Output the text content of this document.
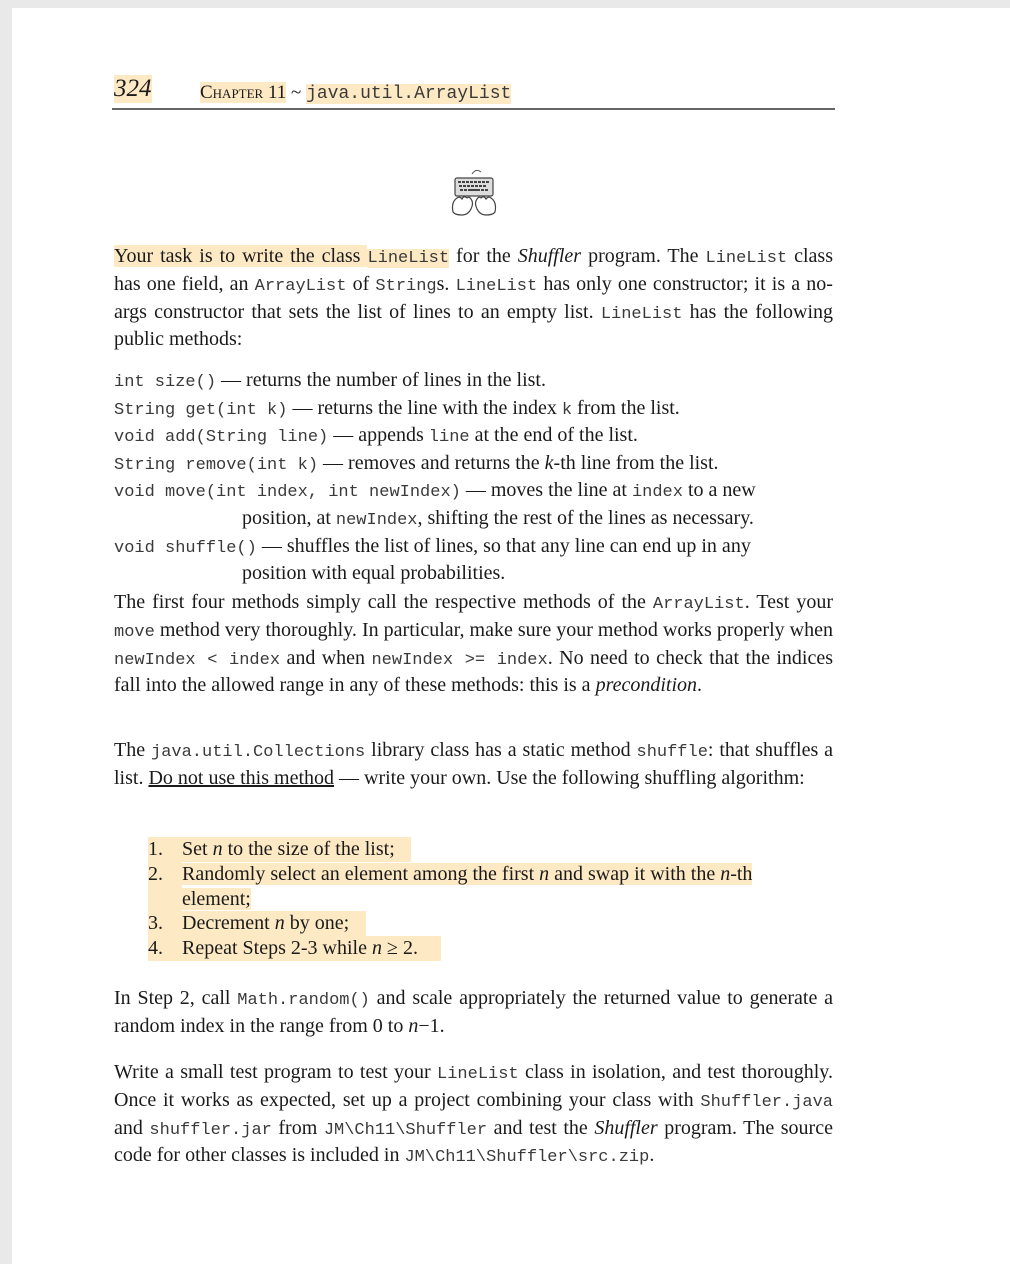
324	Chapter 11 ~ java.util.ArrayList

Your task is to write the class LineList for the Shuffler program. The LineList class has one field, an ArrayList of Strings. LineList has only one constructor; it is a no-args constructor that sets the list of lines to an empty list. LineList has the following public methods:

int size() — returns the number of lines in the list.
String get(int k) — returns the line with the index k from the list.
void add(String line) — appends line at the end of the list.
String remove(int k) — removes and returns the k-th line from the list.
void move(int index, int newIndex) — moves the line at index to a new
position, at newIndex, shifting the rest of the lines as necessary.
void shuffle() — shuffles the list of lines, so that any line can end up in any
position with equal probabilities.

The first four methods simply call the respective methods of the ArrayList. Test your move method very thoroughly. In particular, make sure your method works properly when newIndex < index and when newIndex >= index. No need to check that the indices fall into the allowed range in any of these methods: this is a precondition.

The java.util.Collections library class has a static method shuffle: that shuffles a list. Do not use this method — write your own. Use the following shuffling algorithm:

1. Set n to the size of the list;
2. Randomly select an element among the first n and swap it with the n-th element;
3. Decrement n by one;
4. Repeat Steps 2-3 while n ≥ 2.

In Step 2, call Math.random() and scale appropriately the returned value to generate a random index in the range from 0 to n−1.

Write a small test program to test your LineList class in isolation, and test thoroughly. Once it works as expected, set up a project combining your class with Shuffler.java and shuffler.jar from JM\Ch11\Shuffler and test the Shuffler program. The source code for other classes is included in JM\Ch11\Shuffler\src.zip.
